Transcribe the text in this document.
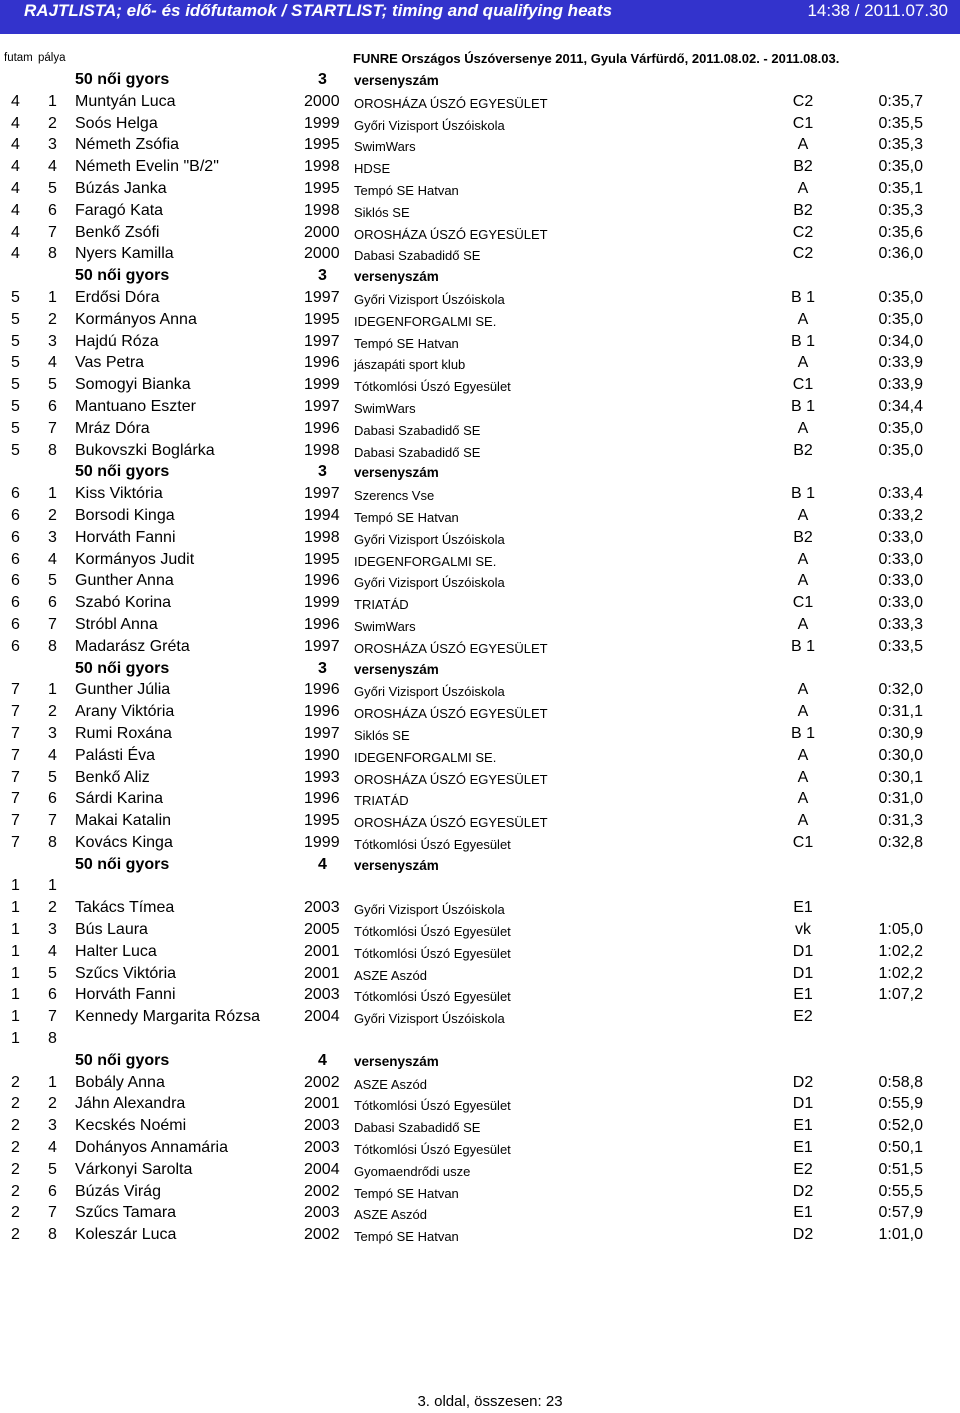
RAJTLISTA; elő- és időfutamok / STARTLIST; timing and qualifying heats	14:38 / 2011.07.30
futam pálya	FUNRE Országos Úszóversenye 2011, Gyula Várfürdő, 2011.08.02. - 2011.08.03.
50 női gyors	3 versenyszám
4 1 Muntyán Luca	2000 OROSHÁZA ÚSZÓ EGYESÜLET	C2	0:35,7
4 2 Soós Helga	1999 Győri Vizisport Úszóiskola	C1	0:35,5
4 3 Németh Zsófia	1995 SwimWars	A	0:35,3
4 4 Németh Evelin "B/2"	1998 HDSE	B2	0:35,0
4 5 Búzás Janka	1995 Tempó SE Hatvan	A	0:35,1
4 6 Faragó Kata	1998 Siklós SE	B2	0:35,3
4 7 Benkő Zsófi	2000 OROSHÁZA ÚSZÓ EGYESÜLET	C2	0:35,6
4 8 Nyers Kamilla	2000 Dabasi Szabadidő SE	C2	0:36,0
50 női gyors	3 versenyszám
5 1 Erdősi Dóra	1997 Győri Vizisport Úszóiskola	B 1	0:35,0
5 2 Kormányos Anna	1995 IDEGENFORGALMI SE.	A	0:35,0
5 3 Hajdú Róza	1997 Tempó SE Hatvan	B 1	0:34,0
5 4 Vas Petra	1996 jászapáti sport klub	A	0:33,9
5 5 Somogyi Bianka	1999 Tótkomlósi Úszó Egyesület	C1	0:33,9
5 6 Mantuano Eszter	1997 SwimWars	B 1	0:34,4
5 7 Mráz Dóra	1996 Dabasi Szabadidő SE	A	0:35,0
5 8 Bukovszki Boglárka	1998 Dabasi Szabadidő SE	B2	0:35,0
50 női gyors	3 versenyszám
6 1 Kiss Viktória	1997 Szerencs Vse	B 1	0:33,4
6 2 Borsodi Kinga	1994 Tempó SE Hatvan	A	0:33,2
6 3 Horváth Fanni	1998 Győri Vizisport Úszóiskola	B2	0:33,0
6 4 Kormányos Judit	1995 IDEGENFORGALMI SE.	A	0:33,0
6 5 Gunther Anna	1996 Győri Vizisport Úszóiskola	A	0:33,0
6 6 Szabó Korina	1999 TRIATÁD	C1	0:33,0
6 7 Stróbl Anna	1996 SwimWars	A	0:33,3
6 8 Madarász Gréta	1997 OROSHÁZA ÚSZÓ EGYESÜLET	B 1	0:33,5
50 női gyors	3 versenyszám
7 1 Gunther Júlia	1996 Győri Vizisport Úszóiskola	A	0:32,0
7 2 Arany Viktória	1996 OROSHÁZA ÚSZÓ EGYESÜLET	A	0:31,1
7 3 Rumi Roxána	1997 Siklós SE	B 1	0:30,9
7 4 Palásti Éva	1990 IDEGENFORGALMI SE.	A	0:30,0
7 5 Benkő Aliz	1993 OROSHÁZA ÚSZÓ EGYESÜLET	A	0:30,1
7 6 Sárdi Karina	1996 TRIATÁD	A	0:31,0
7 7 Makai Katalin	1995 OROSHÁZA ÚSZÓ EGYESÜLET	A	0:31,3
7 8 Kovács Kinga	1999 Tótkomlósi Úszó Egyesület	C1	0:32,8
50 női gyors	4 versenyszám
1 1
1 2 Takács Tímea	2003 Győri Vizisport Úszóiskola	E1
1 3 Bús Laura	2005 Tótkomlósi Úszó Egyesület	vk	1:05,0
1 4 Halter Luca	2001 Tótkomlósi Úszó Egyesület	D1	1:02,2
1 5 Szűcs Viktória	2001 ASZE Aszód	D1	1:02,2
1 6 Horváth Fanni	2003 Tótkomlósi Úszó Egyesület	E1	1:07,2
1 7 Kennedy Margarita Rózsa	2004 Győri Vizisport Úszóiskola	E2
1 8
50 női gyors	4 versenyszám
2 1 Bobály Anna	2002 ASZE Aszód	D2	0:58,8
2 2 Jáhn Alexandra	2001 Tótkomlósi Úszó Egyesület	D1	0:55,9
2 3 Kecskés Noémi	2003 Dabasi Szabadidő SE	E1	0:52,0
2 4 Dohányos Annamária	2003 Tótkomlósi Úszó Egyesület	E1	0:50,1
2 5 Várkonyi Sarolta	2004 Gyomaendrődi usze	E2	0:51,5
2 6 Búzás Virág	2002 Tempó SE Hatvan	D2	0:55,5
2 7 Szűcs Tamara	2003 ASZE Aszód	E1	0:57,9
2 8 Koleszár Luca	2002 Tempó SE Hatvan	D2	1:01,0
3. oldal, összesen: 23
